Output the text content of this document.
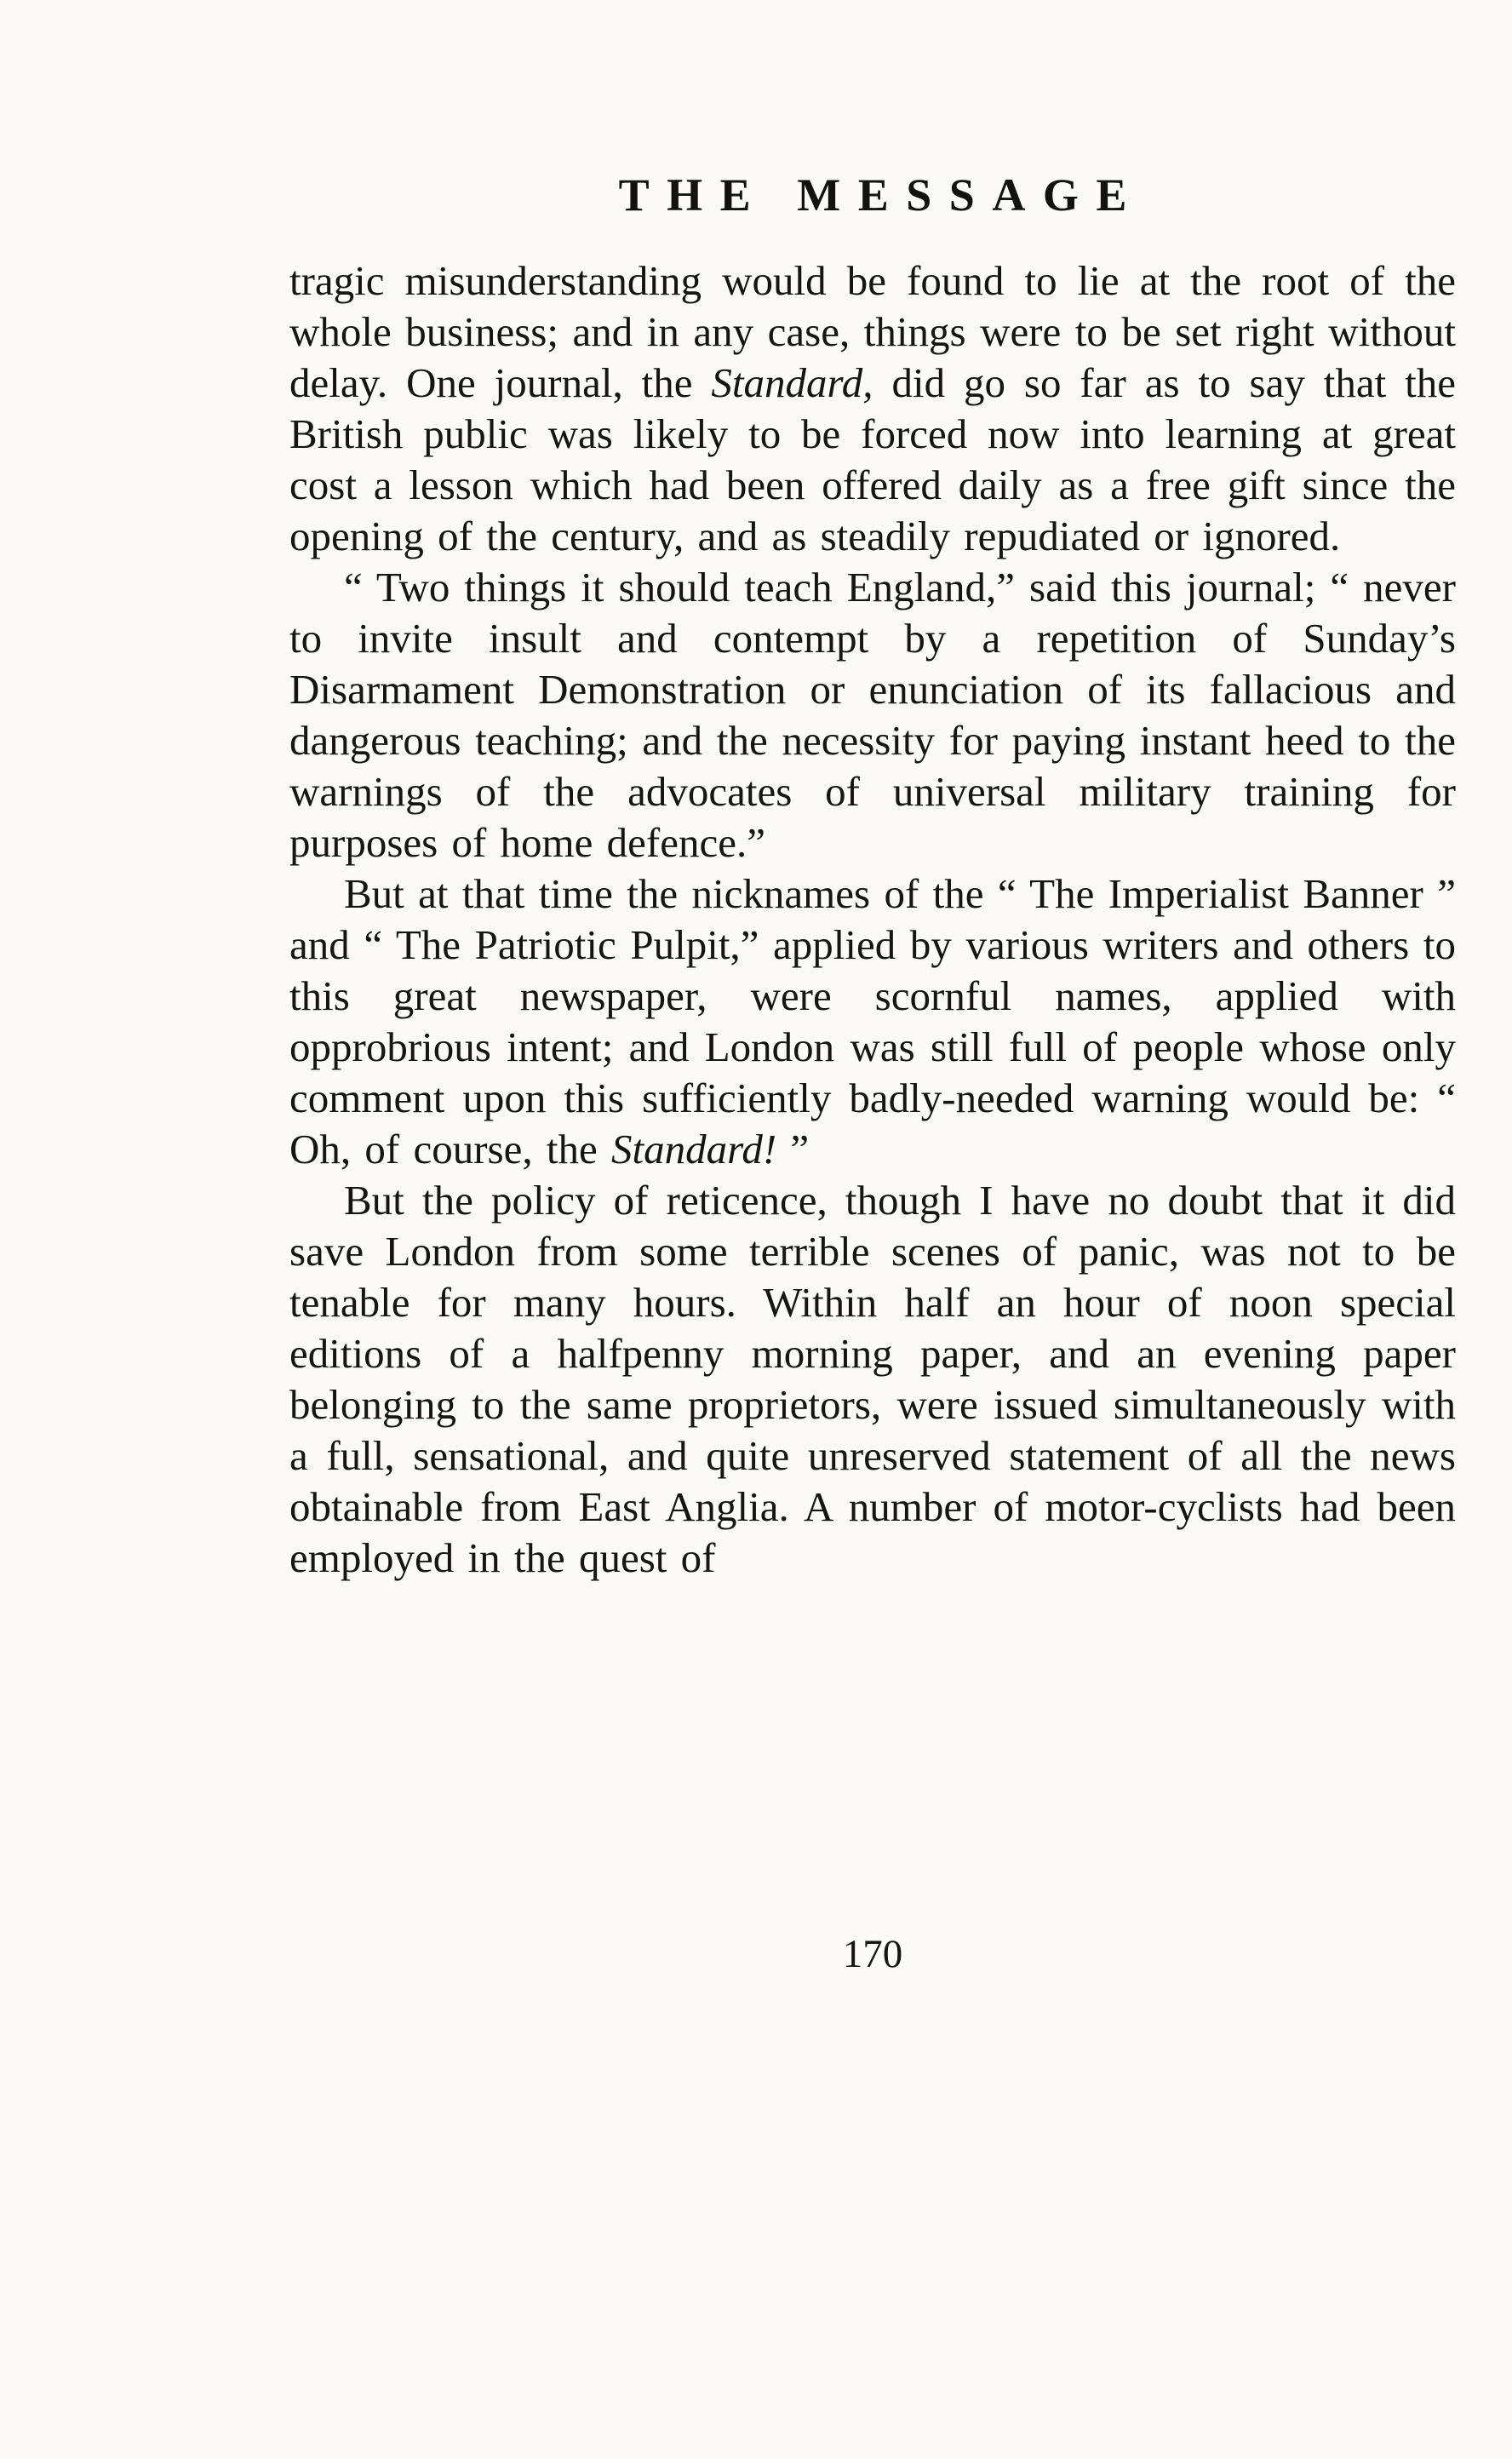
THE MESSAGE

tragic misunderstanding would be found to lie at the root of the whole business; and in any case, things were to be set right without delay. One journal, the Standard, did go so far as to say that the British public was likely to be forced now into learning at great cost a lesson which had been offered daily as a free gift since the opening of the century, and as steadily repudiated or ignored.

“ Two things it should teach England,” said this journal; “ never to invite insult and contempt by a repetition of Sunday’s Disarmament Demonstration or enunciation of its fallacious and dangerous teaching; and the necessity for paying instant heed to the warnings of the advocates of universal military training for purposes of home defence.”

But at that time the nicknames of the “ The Imperialist Banner ” and “ The Patriotic Pulpit,” applied by various writers and others to this great newspaper, were scornful names, applied with opprobrious intent; and London was still full of people whose only comment upon this sufficiently badly-needed warning would be: “ Oh, of course, the Standard! ”

But the policy of reticence, though I have no doubt that it did save London from some terrible scenes of panic, was not to be tenable for many hours. Within half an hour of noon special editions of a halfpenny morning paper, and an evening paper belonging to the same proprietors, were issued simultaneously with a full, sensational, and quite unreserved statement of all the news obtainable from East Anglia. A number of motor-cyclists had been employed in the quest of

170
